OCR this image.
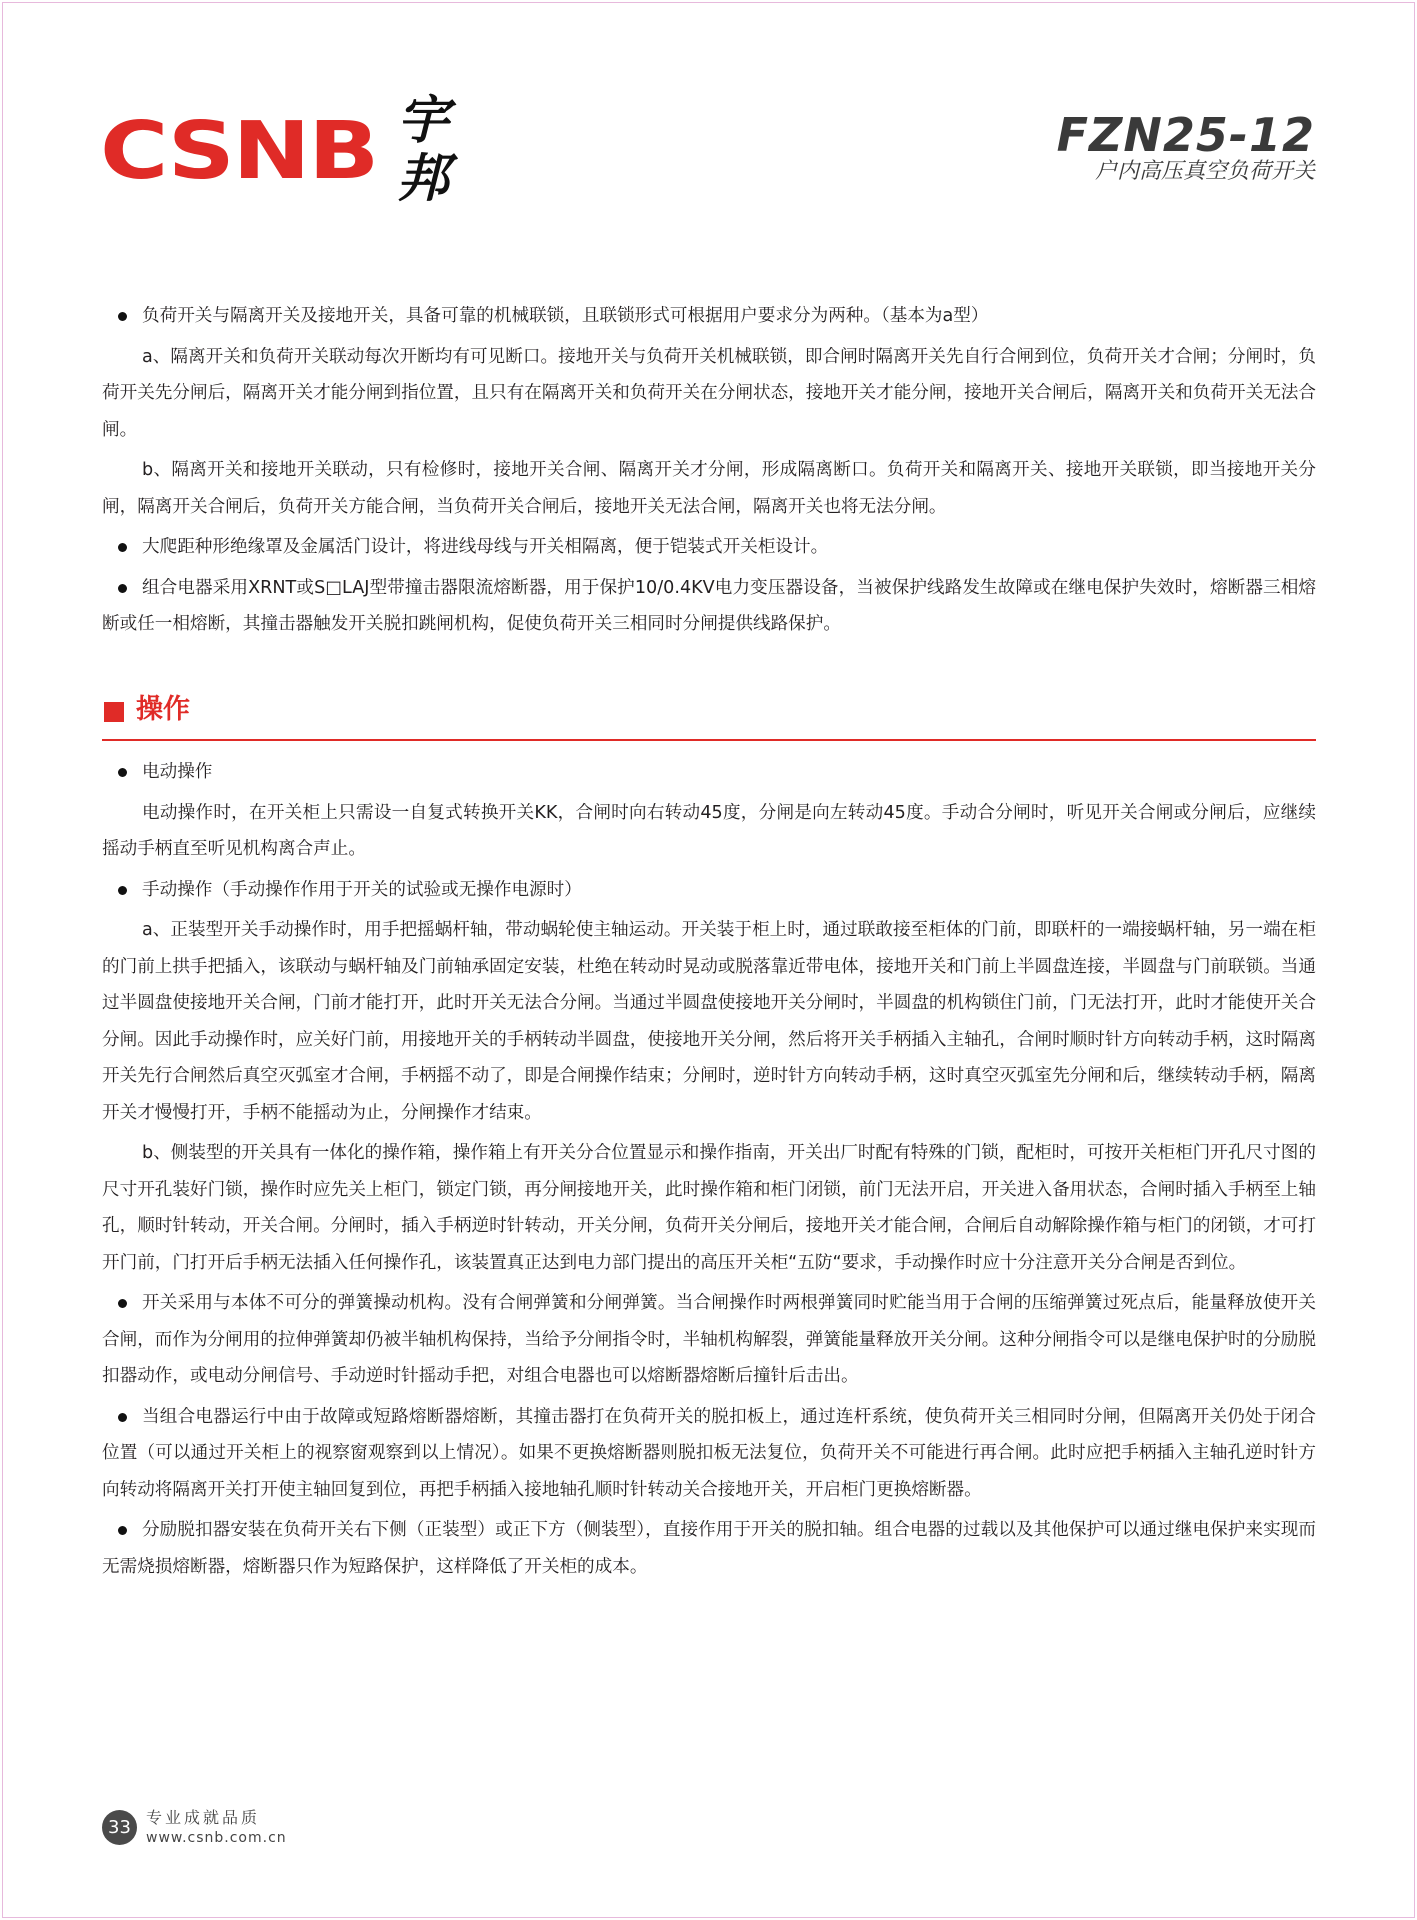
CSNB 宇邦
FZN25-12
户内高压真空负荷开关

负荷开关与隔离开关及接地开关，具备可靠的机械联锁，且联锁形式可根据用户要求分为两种。（基本为a型）

a、隔离开关和负荷开关联动每次开断均有可见断口。接地开关与负荷开关机械联锁，即合闸时隔离开关先自行合闸到位，负荷开关才合闸；分闸时，负荷开关先分闸后，隔离开关才能分闸到指位置，且只有在隔离开关和负荷开关在分闸状态，接地开关才能分闸，接地开关合闸后，隔离开关和负荷开关无法合闸。

b、隔离开关和接地开关联动，只有检修时，接地开关合闸、隔离开关才分闸，形成隔离断口。负荷开关和隔离开关、接地开关联锁，即当接地开关分闸，隔离开关合闸后，负荷开关方能合闸，当负荷开关合闸后，接地开关无法合闸，隔离开关也将无法分闸。

大爬距种形绝缘罩及金属活门设计，将进线母线与开关相隔离，便于铠装式开关柜设计。

组合电器采用XRNT或S□LAJ型带撞击器限流熔断器，用于保护10/0.4KV电力变压器设备，当被保护线路发生故障或在继电保护失效时，熔断器三相熔断或任一相熔断，其撞击器触发开关脱扣跳闸机构，促使负荷开关三相同时分闸提供线路保护。

操作

电动操作

电动操作时，在开关柜上只需设一自复式转换开关KK，合闸时向右转动45度，分闸是向左转动45度。手动合分闸时，听见开关合闸或分闸后，应继续摇动手柄直至听见机构离合声止。

手动操作（手动操作作用于开关的试验或无操作电源时）

a、正装型开关手动操作时，用手把摇蜗杆轴，带动蜗轮使主轴运动。开关装于柜上时，通过联敢接至柜体的门前，即联杆的一端接蜗杆轴，另一端在柜的门前上拱手把插入，该联动与蜗杆轴及门前轴承固定安装，杜绝在转动时晃动或脱落靠近带电体，接地开关和门前上半圆盘连接，半圆盘与门前联锁。当通过半圆盘使接地开关合闸，门前才能打开，此时开关无法合分闸。当通过半圆盘使接地开关分闸时，半圆盘的机构锁住门前，门无法打开，此时才能使开关合分闸。因此手动操作时，应关好门前，用接地开关的手柄转动半圆盘，使接地开关分闸，然后将开关手柄插入主轴孔，合闸时顺时针方向转动手柄，这时隔离开关先行合闸然后真空灭弧室才合闸，手柄摇不动了，即是合闸操作结束；分闸时，逆时针方向转动手柄，这时真空灭弧室先分闸和后，继续转动手柄，隔离开关才慢慢打开，手柄不能摇动为止，分闸操作才结束。

b、侧装型的开关具有一体化的操作箱，操作箱上有开关分合位置显示和操作指南，开关出厂时配有特殊的门锁，配柜时，可按开关柜柜门开孔尺寸图的尺寸开孔装好门锁，操作时应先关上柜门，锁定门锁，再分闸接地开关，此时操作箱和柜门闭锁，前门无法开启，开关进入备用状态，合闸时插入手柄至上轴孔，顺时针转动，开关合闸。分闸时，插入手柄逆时针转动，开关分闸，负荷开关分闸后，接地开关才能合闸，合闸后自动解除操作箱与柜门的闭锁，才可打开门前，门打开后手柄无法插入任何操作孔，该装置真正达到电力部门提出的高压开关柜“五防“要求，手动操作时应十分注意开关分合闸是否到位。

开关采用与本体不可分的弹簧操动机构。没有合闸弹簧和分闸弹簧。当合闸操作时两根弹簧同时贮能当用于合闸的压缩弹簧过死点后，能量释放使开关合闸，而作为分闸用的拉伸弹簧却仍被半轴机构保持，当给予分闸指令时，半轴机构解裂，弹簧能量释放开关分闸。这种分闸指令可以是继电保护时的分励脱扣器动作，或电动分闸信号、手动逆时针摇动手把，对组合电器也可以熔断器熔断后撞针后击出。

当组合电器运行中由于故障或短路熔断器熔断，其撞击器打在负荷开关的脱扣板上，通过连杆系统，使负荷开关三相同时分闸，但隔离开关仍处于闭合位置（可以通过开关柜上的视察窗观察到以上情况）。如果不更换熔断器则脱扣板无法复位，负荷开关不可能进行再合闸。此时应把手柄插入主轴孔逆时针方向转动将隔离开关打开使主轴回复到位，再把手柄插入接地轴孔顺时针转动关合接地开关，开启柜门更换熔断器。

分励脱扣器安装在负荷开关右下侧（正装型）或正下方（侧装型），直接作用于开关的脱扣轴。组合电器的过载以及其他保护可以通过继电保护来实现而无需烧损熔断器，熔断器只作为短路保护，这样降低了开关柜的成本。

33 专业成就品质
www.csnb.com.cn
